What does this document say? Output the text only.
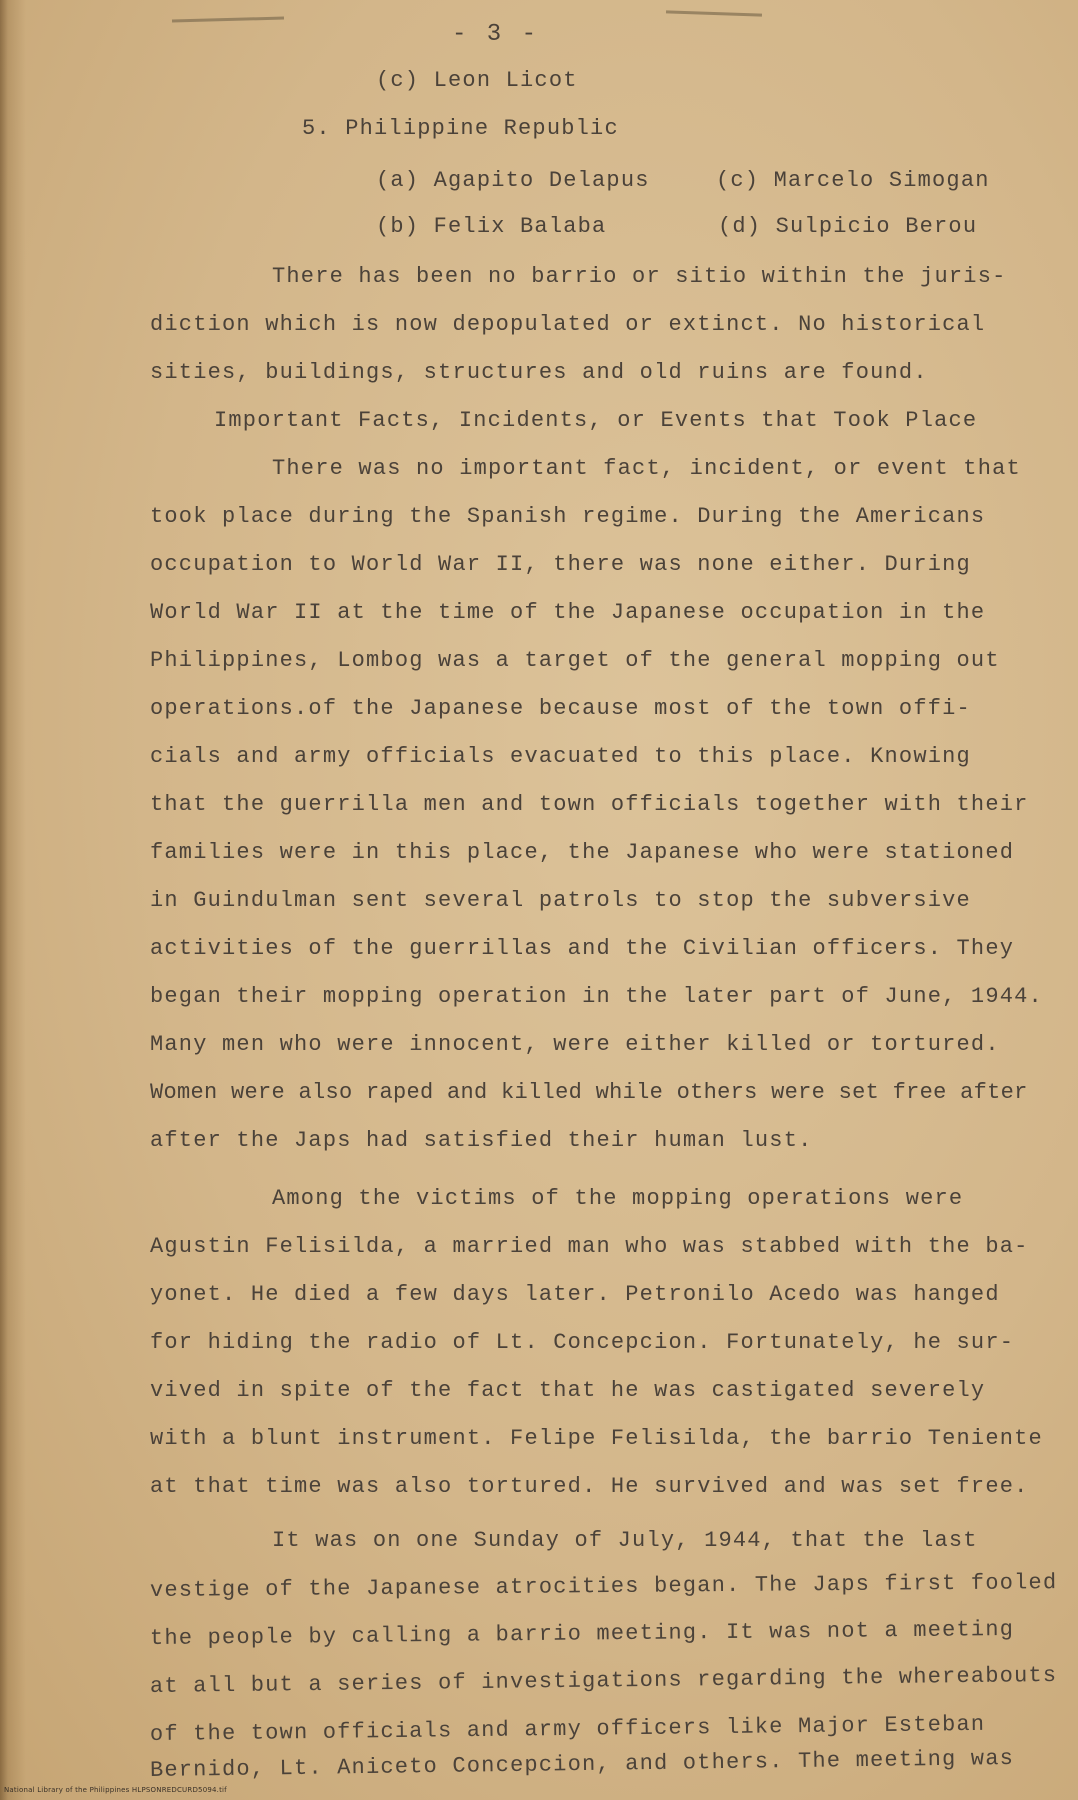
- 3 -
(c) Leon Licot
5. Philippine Republic
(a) Agapito Delapus	(c) Marcelo Simogan
(b) Felix Balaba	(d) Sulpicio Berou
There has been no barrio or sitio within the juris-
diction which is now depopulated or extinct. No historical
sities, buildings, structures and old ruins are found.
Important Facts, Incidents, or Events that Took Place
There was no important fact, incident, or event that
took place during the Spanish regime. During the Americans
occupation to World War II, there was none either. During
World War II at the time of the Japanese occupation in the
Philippines, Lombog was a target of the general mopping out
operations.of the Japanese because most of the town offi-
cials and army officials evacuated to this place. Knowing
that the guerrilla men and town officials together with their
families were in this place, the Japanese who were stationed
in Guindulman sent several patrols to stop the subversive
activities of the guerrillas and the Civilian officers. They
began their mopping operation in the later part of June, 1944.
Many men who were innocent, were either killed or tortured.
Women were also raped and killed while others were set free after
after the Japs had satisfied their human lust.
Among the victims of the mopping operations were
Agustin Felisilda, a married man who was stabbed with the ba-
yonet. He died a few days later. Petronilo Acedo was hanged
for hiding the radio of Lt. Concepcion. Fortunately, he sur-
vived in spite of the fact that he was castigated severely
with a blunt instrument. Felipe Felisilda, the barrio Teniente
at that time was also tortured. He survived and was set free.
It was on one Sunday of July, 1944, that the last
vestige of the Japanese atrocities began. The Japs first fooled
the people by calling a barrio meeting. It was not a meeting
at all but a series of investigations regarding the whereabouts
of the town officials and army officers like Major Esteban
Bernido, Lt. Aniceto Concepcion, and others. The meeting was
National Library of the Philippines HLPSONREDCURD5094.tif
